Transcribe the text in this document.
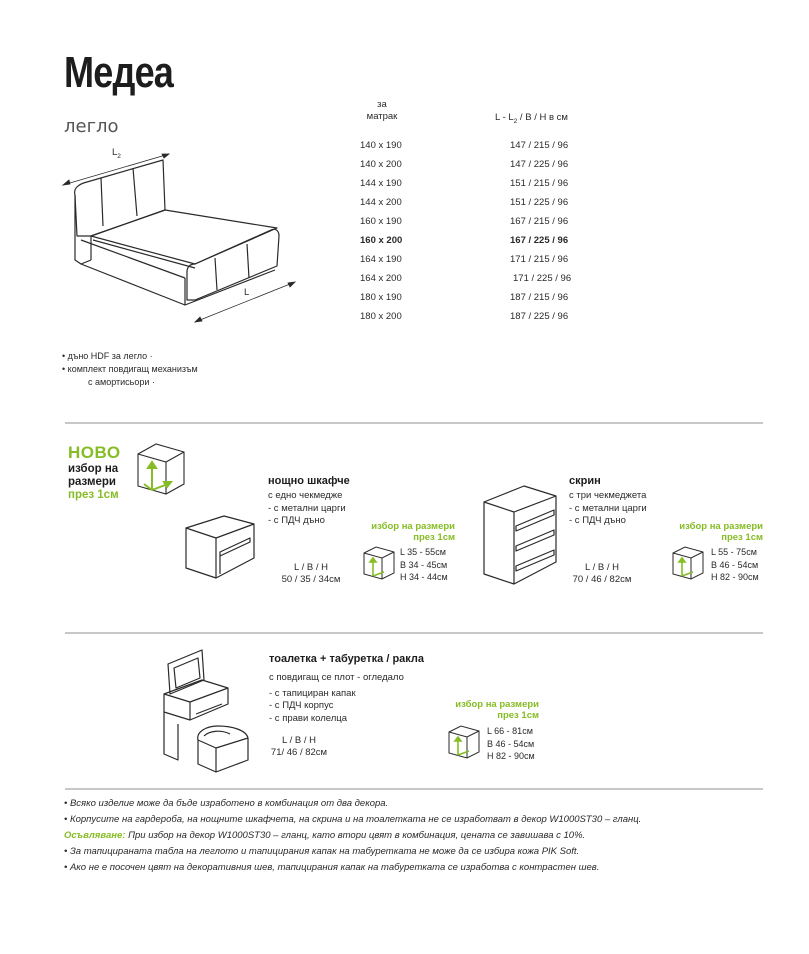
Медеа
легло
$L_2$
L
за
матрак	L - $L_2$ / B / H в см
140 x 190	147 / 215 / 96
140 x 200	147 / 225 / 96
144 x 190	151 / 215 / 96
144 x 200	151 / 225 / 96
160 x 190	167 / 215 / 96
160 x 200	167 / 225 / 96
164 x 190	171 / 215 / 96
164 x 200	171 / 225 / 96
180 x 190	187 / 215 / 96
180 x 200	187 / 225 / 96
• дъно HDF за легло ·
• комплект повдигащ механизъм
с амортисьори ·
НОВО
избор на
размери
през 1см
нощно шкафче
с едно чекмедже
- с метални царги
- с ПДЧ дъно
L / B / H
50 / 35 / 34см
избор на размери
през 1см
L 35 - 55см
B 34 - 45см
H 34 - 44см
скрин
с три чекмеджета
- с метални царги
- с ПДЧ дъно
L / B / H
70 / 46 / 82см
избор на размери
през 1см
L 55 - 75см
B 46 - 54см
H 82 - 90см
тоалетка + табуретка / ракла
с повдигащ се плот - огледало
- с тапициран капак
- с ПДЧ корпус
- с прави колелца
L / B / H
71/ 46 / 82см
избор на размери
през 1см
L 66 - 81см
B 46 - 54см
H 82 - 90см
• Всяко изделие може да бъде изработено в комбинация от два декора.
• Корпусите на гардероба, на нощните шкафчета, на скрина и на тоалетката не се изработват в декор W1000ST30 – гланц.
Осъвляване: При избор на декор W1000ST30 – гланц, като втори цвят в комбинация, цената се завишава с 10%.
• За тапицираната табла на леглото и тапицирания капак на табуретката не може да се избира кожа PIK Soft.
• Ако не е посочен цвят на декоративния шев, тапицирания капак на табуретката се изработва с контрастен шев.
